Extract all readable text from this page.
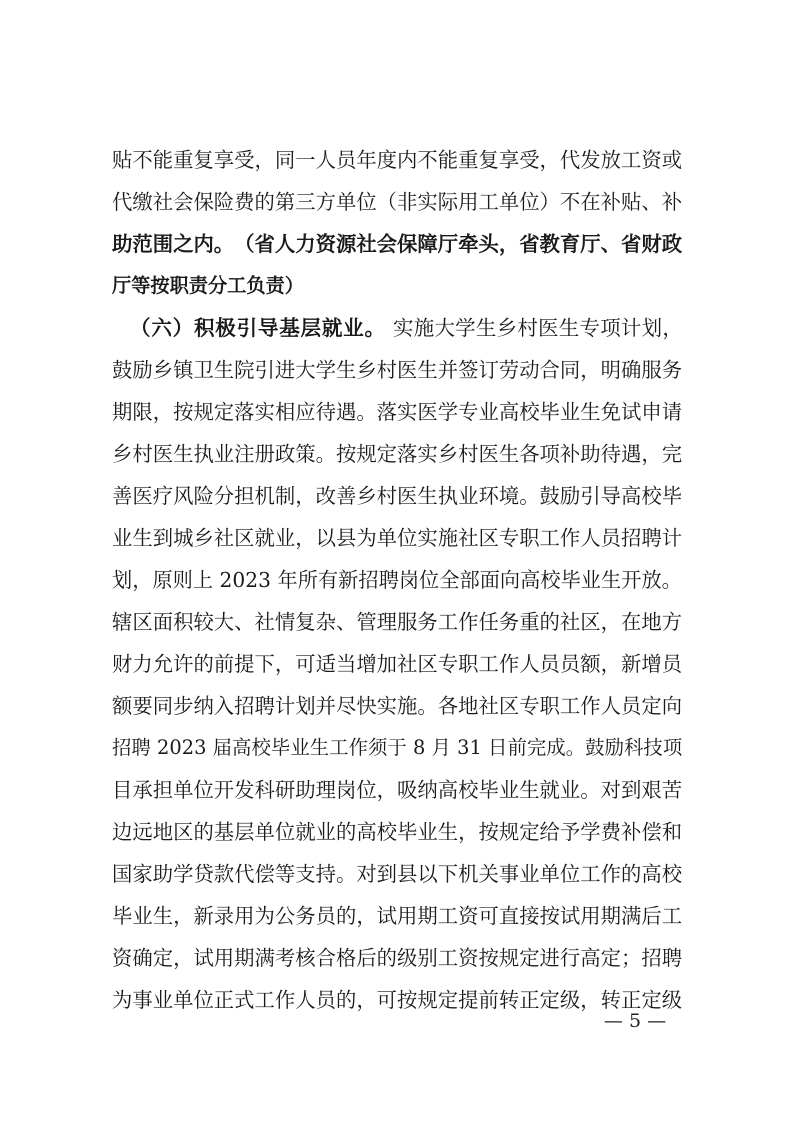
贴 不 能 重 复 享 受 ， 同 一 人 员 年 度 内 不 能 重 复 享 受 ， 代 发 放 工 资 或
代 缴 社 会 保 险 费 的 第 三 方 单 位 （ 非 实 际 用 工 单 位 ） 不 在 补 贴 、 补
助 范 围 之 内 。 （ 省 人 力 资 源 社 会 保 障 厅 牵 头 ， 省 教 育 厅 、 省 财 政
厅 等 按 职 责 分 工 负 责 ）
（ 六 ） 积 极 引 导 基 层 就 业 。 实 施 大 学 生 乡 村 医 生 专 项 计 划 ，
鼓 励 乡 镇 卫 生 院 引 进 大 学 生 乡 村 医 生 并 签 订 劳 动 合 同 ， 明 确 服 务
期 限 ， 按 规 定 落 实 相 应 待 遇 。 落 实 医 学 专 业 高 校 毕 业 生 免 试 申 请
乡 村 医 生 执 业 注 册 政 策 。 按 规 定 落 实 乡 村 医 生 各 项 补 助 待 遇 ， 完
善 医 疗 风 险 分 担 机 制 ， 改 善 乡 村 医 生 执 业 环 境 。 鼓 励 引 导 高 校 毕
业 生 到 城 乡 社 区 就 业 ， 以 县 为 单 位 实 施 社 区 专 职 工 作 人 员 招 聘 计
划 ， 原 则 上
2 0 2 3
年 所 有 新 招 聘 岗 位 全 部 面 向 高 校 毕 业 生 开 放 。
辖 区 面 积 较 大 、 社 情 复 杂 、 管 理 服 务 工 作 任 务 重 的 社 区 ， 在 地 方
财 力 允 许 的 前 提 下 ， 可 适 当 增 加 社 区 专 职 工 作 人 员 员 额 ， 新 增 员
额 要 同 步 纳 入 招 聘 计 划 并 尽 快 实 施 。 各 地 社 区 专 职 工 作 人 员 定 向
招 聘
2 0 2 3
届 高 校 毕 业 生 工 作 须 于
8
月
3 1
日 前 完 成 。 鼓 励 科 技 项
目 承 担 单 位 开 发 科 研 助 理 岗 位 ， 吸 纳 高 校 毕 业 生 就 业 。 对 到 艰 苦
边 远 地 区 的 基 层 单 位 就 业 的 高 校 毕 业 生 ， 按 规 定 给 予 学 费 补 偿 和
国 家 助 学 贷 款 代 偿 等 支 持 。 对 到 县 以 下 机 关 事 业 单 位 工 作 的 高 校
毕 业 生 ， 新 录 用 为 公 务 员 的 ， 试 用 期 工 资 可 直 接 按 试 用 期 满 后 工
资 确 定 ， 试 用 期 满 考 核 合 格 后 的 级 别 工 资 按 规 定 进 行 高 定 ； 招 聘
为 事 业 单 位 正 式 工 作 人 员 的 ， 可 按 规 定 提 前 转 正 定 级 ， 转 正 定 级
— 5 —
